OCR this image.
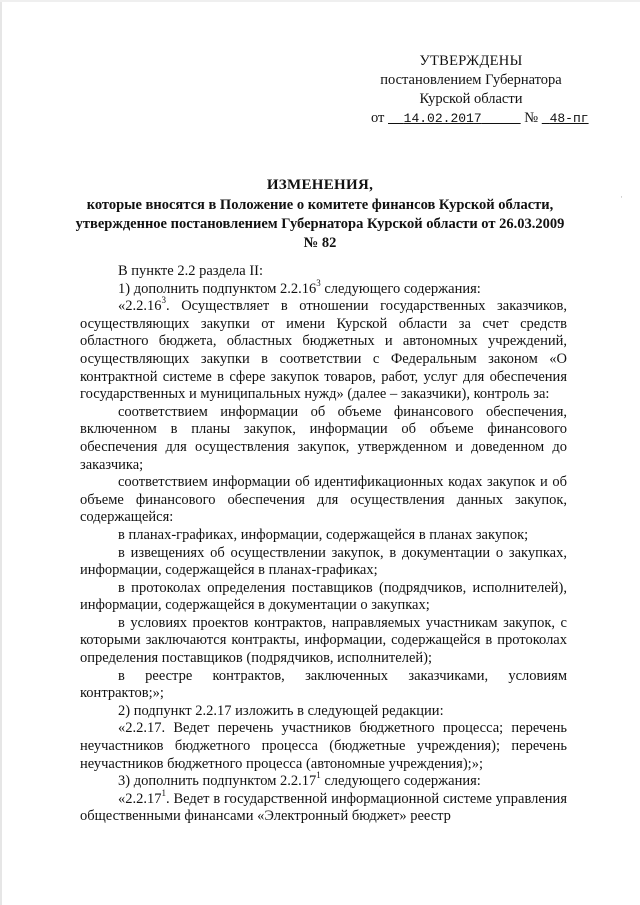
·
УТВЕРЖДЕНЫ
постановлением Губернатора
Курской области
от 14.02.2017	№ 48-пг
ИЗМЕНЕНИЯ,
которые вносятся в Положение о комитете финансов Курской области, утвержденное постановлением Губернатора Курской области от 26.03.2009 № 82

В пункте 2.2 раздела II:

1) дополнить подпунктом 2.2.16$^3$ следующего содержания:

«2.2.16$^3$. Осуществляет в отношении государственных заказчиков, осуществляющих закупки от имени Курской области за счет средств областного бюджета, областных бюджетных и автономных учреждений, осуществляющих закупки в соответствии с Федеральным законом «О контрактной системе в сфере закупок товаров, работ, услуг для обеспечения государственных и муниципальных нужд» (далее – заказчики), контроль за:

соответствием информации об объеме финансового обеспечения, включенном в планы закупок, информации об объеме финансового обеспечения для осуществления закупок, утвержденном и доведенном до заказчика;

соответствием информации об идентификационных кодах закупок и об объеме финансового обеспечения для осуществления данных закупок, содержащейся:

в планах-графиках, информации, содержащейся в планах закупок;

в извещениях об осуществлении закупок, в документации о закупках, информации, содержащейся в планах-графиках;

в протоколах определения поставщиков (подрядчиков, исполнителей), информации, содержащейся в документации о закупках;

в условиях проектов контрактов, направляемых участникам закупок, с которыми заключаются контракты, информации, содержащейся в протоколах определения поставщиков (подрядчиков, исполнителей);

в реестре контрактов, заключенных заказчиками, условиям контрактов;»;

2) подпункт 2.2.17 изложить в следующей редакции:

«2.2.17. Ведет перечень участников бюджетного процесса; перечень неучастников бюджетного процесса (бюджетные учреждения); перечень неучастников бюджетного процесса (автономные учреждения);»;

3) дополнить подпунктом 2.2.17$^1$ следующего содержания:

«2.2.17$^1$. Ведет в государственной информационной системе управления общественными финансами «Электронный бюджет» реестр
